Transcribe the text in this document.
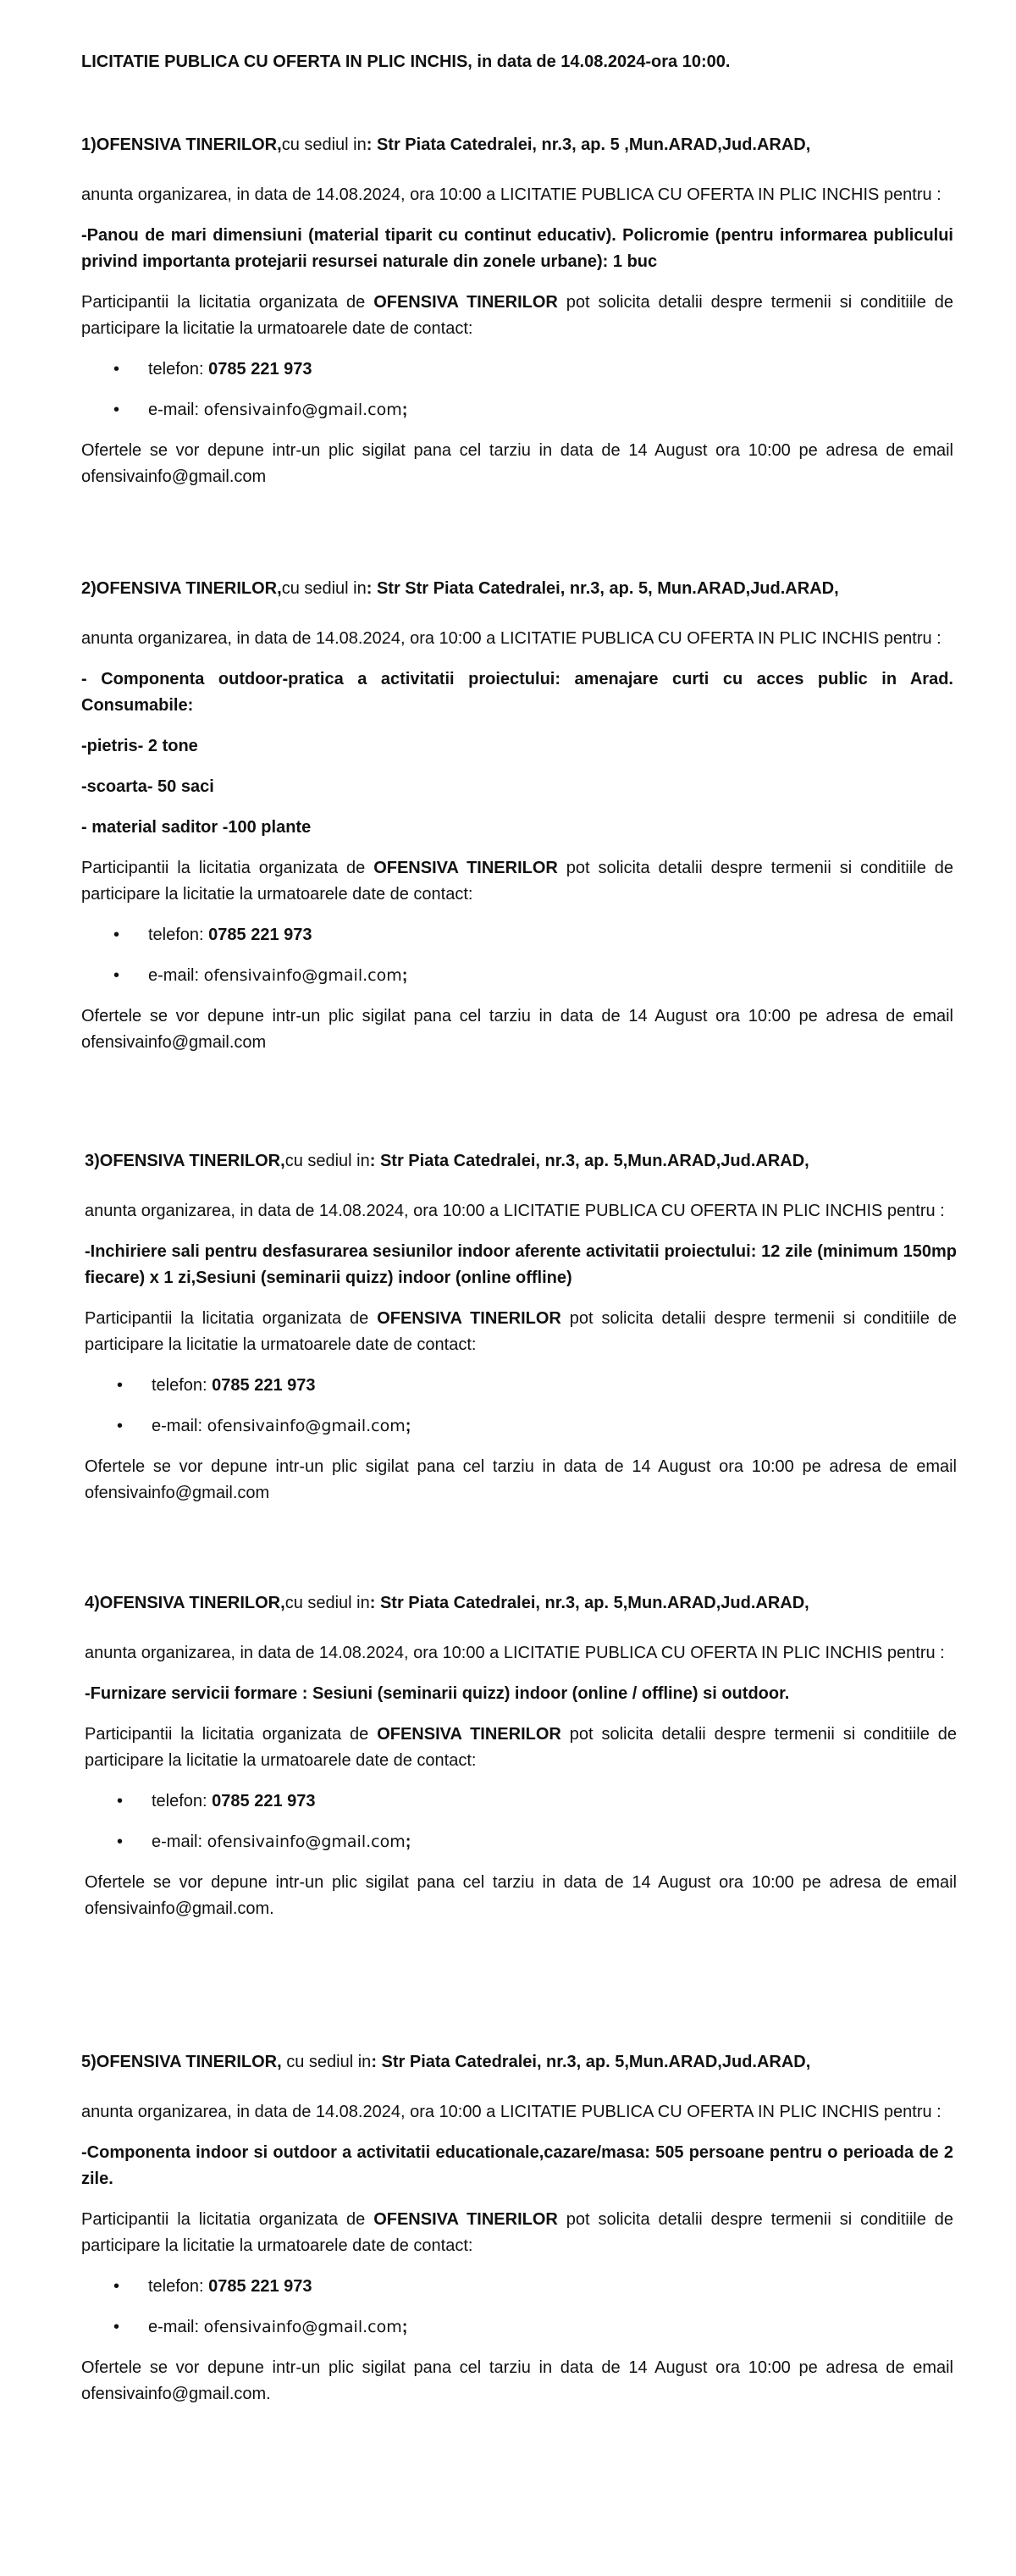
LICITATIE PUBLICA CU OFERTA IN PLIC INCHIS, in data de 14.08.2024-ora 10:00.

1)OFENSIVA TINERILOR,cu sediul in: Str Piata Catedralei, nr.3, ap. 5 ,Mun.ARAD,Jud.ARAD,

anunta organizarea, in data de 14.08.2024, ora 10:00 a LICITATIE PUBLICA CU OFERTA IN PLIC INCHIS pentru :

-Panou de mari dimensiuni (material tiparit cu continut educativ). Policromie (pentru informarea publicului privind importanta protejarii resursei naturale din zonele urbane): 1 buc

Participantii la licitatia organizata de OFENSIVA TINERILOR pot solicita detalii despre termenii si conditiile de participare la licitatie la urmatoarele date de contact:

• telefon: 0785 221 973
• e-mail: ofensivainfo@gmail.com;

Ofertele se vor depune intr-un plic sigilat pana cel tarziu in data de 14 August ora 10:00 pe adresa de email ofensivainfo@gmail.com

2)OFENSIVA TINERILOR,cu sediul in: Str Str Piata Catedralei, nr.3, ap. 5, Mun.ARAD,Jud.ARAD,

anunta organizarea, in data de 14.08.2024, ora 10:00 a LICITATIE PUBLICA CU OFERTA IN PLIC INCHIS pentru :

- Componenta outdoor-pratica a activitatii proiectului: amenajare curti cu acces public in Arad. Consumabile:

-pietris- 2 tone

-scoarta- 50 saci

- material saditor -100 plante

Participantii la licitatia organizata de OFENSIVA TINERILOR pot solicita detalii despre termenii si conditiile de participare la licitatie la urmatoarele date de contact:

• telefon: 0785 221 973
• e-mail: ofensivainfo@gmail.com;

Ofertele se vor depune intr-un plic sigilat pana cel tarziu in data de 14 August ora 10:00 pe adresa de email ofensivainfo@gmail.com

3)OFENSIVA TINERILOR,cu sediul in: Str Piata Catedralei, nr.3, ap. 5,Mun.ARAD,Jud.ARAD,

anunta organizarea, in data de 14.08.2024, ora 10:00 a LICITATIE PUBLICA CU OFERTA IN PLIC INCHIS pentru :

-Inchiriere sali pentru desfasurarea sesiunilor indoor aferente activitatii proiectului: 12 zile (minimum 150mp fiecare) x 1 zi,Sesiuni (seminarii quizz) indoor (online offline)

Participantii la licitatia organizata de OFENSIVA TINERILOR pot solicita detalii despre termenii si conditiile de participare la licitatie la urmatoarele date de contact:

• telefon: 0785 221 973
• e-mail: ofensivainfo@gmail.com;

Ofertele se vor depune intr-un plic sigilat pana cel tarziu in data de 14 August ora 10:00 pe adresa de email ofensivainfo@gmail.com

4)OFENSIVA TINERILOR,cu sediul in: Str Piata Catedralei, nr.3, ap. 5,Mun.ARAD,Jud.ARAD,

anunta organizarea, in data de 14.08.2024, ora 10:00 a LICITATIE PUBLICA CU OFERTA IN PLIC INCHIS pentru :

-Furnizare servicii formare : Sesiuni (seminarii quizz) indoor (online / offline) si outdoor.

Participantii la licitatia organizata de OFENSIVA TINERILOR pot solicita detalii despre termenii si conditiile de participare la licitatie la urmatoarele date de contact:

• telefon: 0785 221 973
• e-mail: ofensivainfo@gmail.com;

Ofertele se vor depune intr-un plic sigilat pana cel tarziu in data de 14 August ora 10:00 pe adresa de email ofensivainfo@gmail.com.

5)OFENSIVA TINERILOR, cu sediul in: Str Piata Catedralei, nr.3, ap. 5,Mun.ARAD,Jud.ARAD,

anunta organizarea, in data de 14.08.2024, ora 10:00 a LICITATIE PUBLICA CU OFERTA IN PLIC INCHIS pentru :

-Componenta indoor si outdoor a activitatii educationale,cazare/masa: 505 persoane pentru o perioada de 2 zile.

Participantii la licitatia organizata de OFENSIVA TINERILOR pot solicita detalii despre termenii si conditiile de participare la licitatie la urmatoarele date de contact:

• telefon: 0785 221 973
• e-mail: ofensivainfo@gmail.com;

Ofertele se vor depune intr-un plic sigilat pana cel tarziu in data de 14 August ora 10:00 pe adresa de email ofensivainfo@gmail.com.
